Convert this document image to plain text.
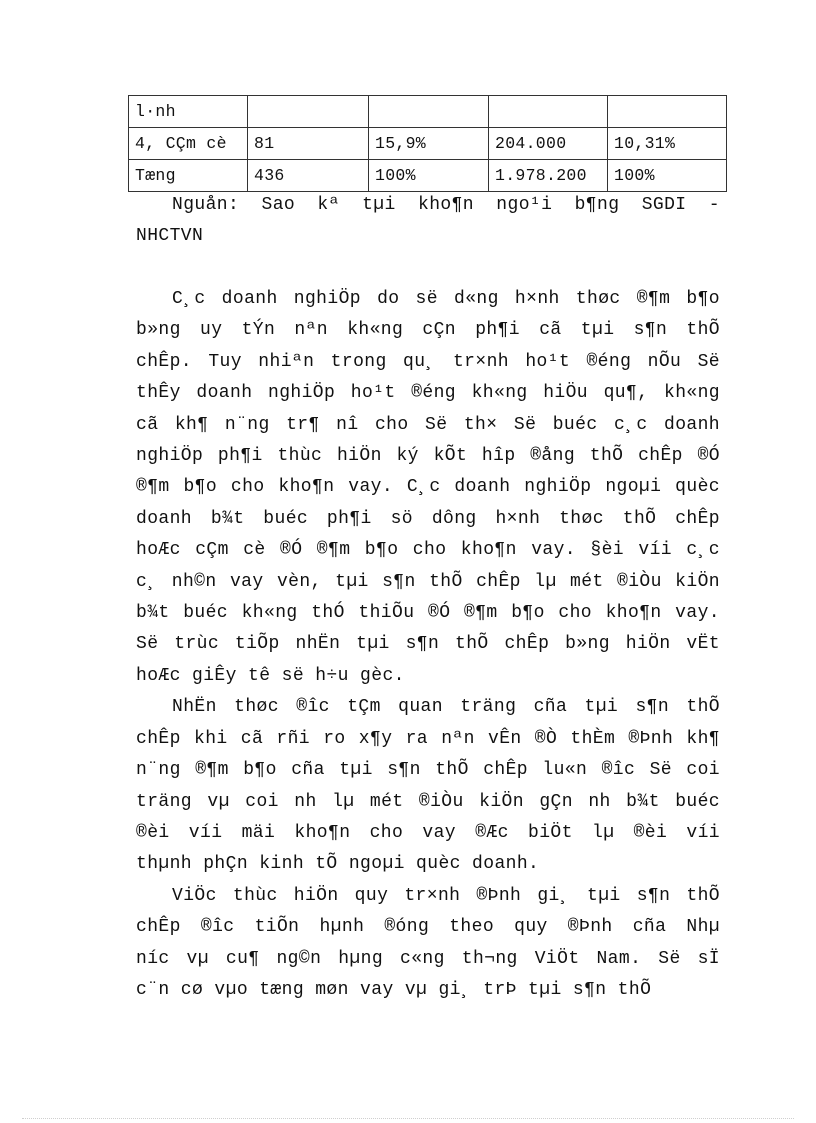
l·nh				
4, CÇm cè	81	15,9%	204.000	10,31%
Tæng	436	100%	1.978.200	100%
Nguån: Sao kª tµi kho¶n ngo¹i b¶ng SGDI -
NHCTVN
C¸c doanh nghiÖp do së d«ng h×nh thøc ®¶m b¶o
b»ng uy tÝn nªn kh«ng cÇn ph¶i cã tµi s¶n thÕ
chÊp. Tuy nhiªn trong qu¸ tr×nh ho¹t ®éng nÕu Së
thÊy doanh nghiÖp ho¹t ®éng kh«ng hiÖu qu¶, kh«ng
cã kh¶ n¨ng tr¶ nî cho Së th× Së buéc c¸c doanh
nghiÖp ph¶i thùc hiÖn ký kÕt hîp ®ång thÕ chÊp ®Ó
®¶m b¶o cho kho¶n vay. C¸c doanh nghiÖp ngoµi quèc
doanh b¾t buéc ph¶i sö dông h×nh thøc thÕ chÊp
hoÆc cÇm cè ®Ó ®¶m b¶o cho kho¶n vay. §èi víi c¸c
c¸ nh©n vay vèn, tµi s¶n thÕ chÊp lµ mét ®iÒu kiÖn
b¾t buéc kh«ng thÓ thiÕu ®Ó ®¶m b¶o cho kho¶n vay.
Së trùc tiÕp nhËn tµi s¶n thÕ chÊp b»ng hiÖn vËt
hoÆc giÊy tê së h÷u gèc.
NhËn thøc ®îc tÇm quan träng cña tµi s¶n thÕ
chÊp khi cã rñi ro x¶y ra nªn vÊn ®Ò thÈm ®Þnh kh¶
n¨ng ®¶m b¶o cña tµi s¶n thÕ chÊp lu«n ®îc Së coi
träng vµ coi nh lµ mét ®iÒu kiÖn gÇn nh b¾t buéc
®èi víi mäi kho¶n cho vay ®Æc biÖt lµ ®èi víi
thµnh phÇn kinh tÕ ngoµi quèc doanh.
ViÖc thùc hiÖn quy tr×nh ®Þnh gi¸ tµi s¶n thÕ
chÊp ®îc tiÕn hµnh ®óng theo quy ®Þnh cña Nhµ
níc vµ cu¶ ng©n hµng c«ng th¬ng ViÖt Nam. Së sÏ
c¨n cø vµo tæng møn vay vµ gi¸ trÞ tµi s¶n thÕ
